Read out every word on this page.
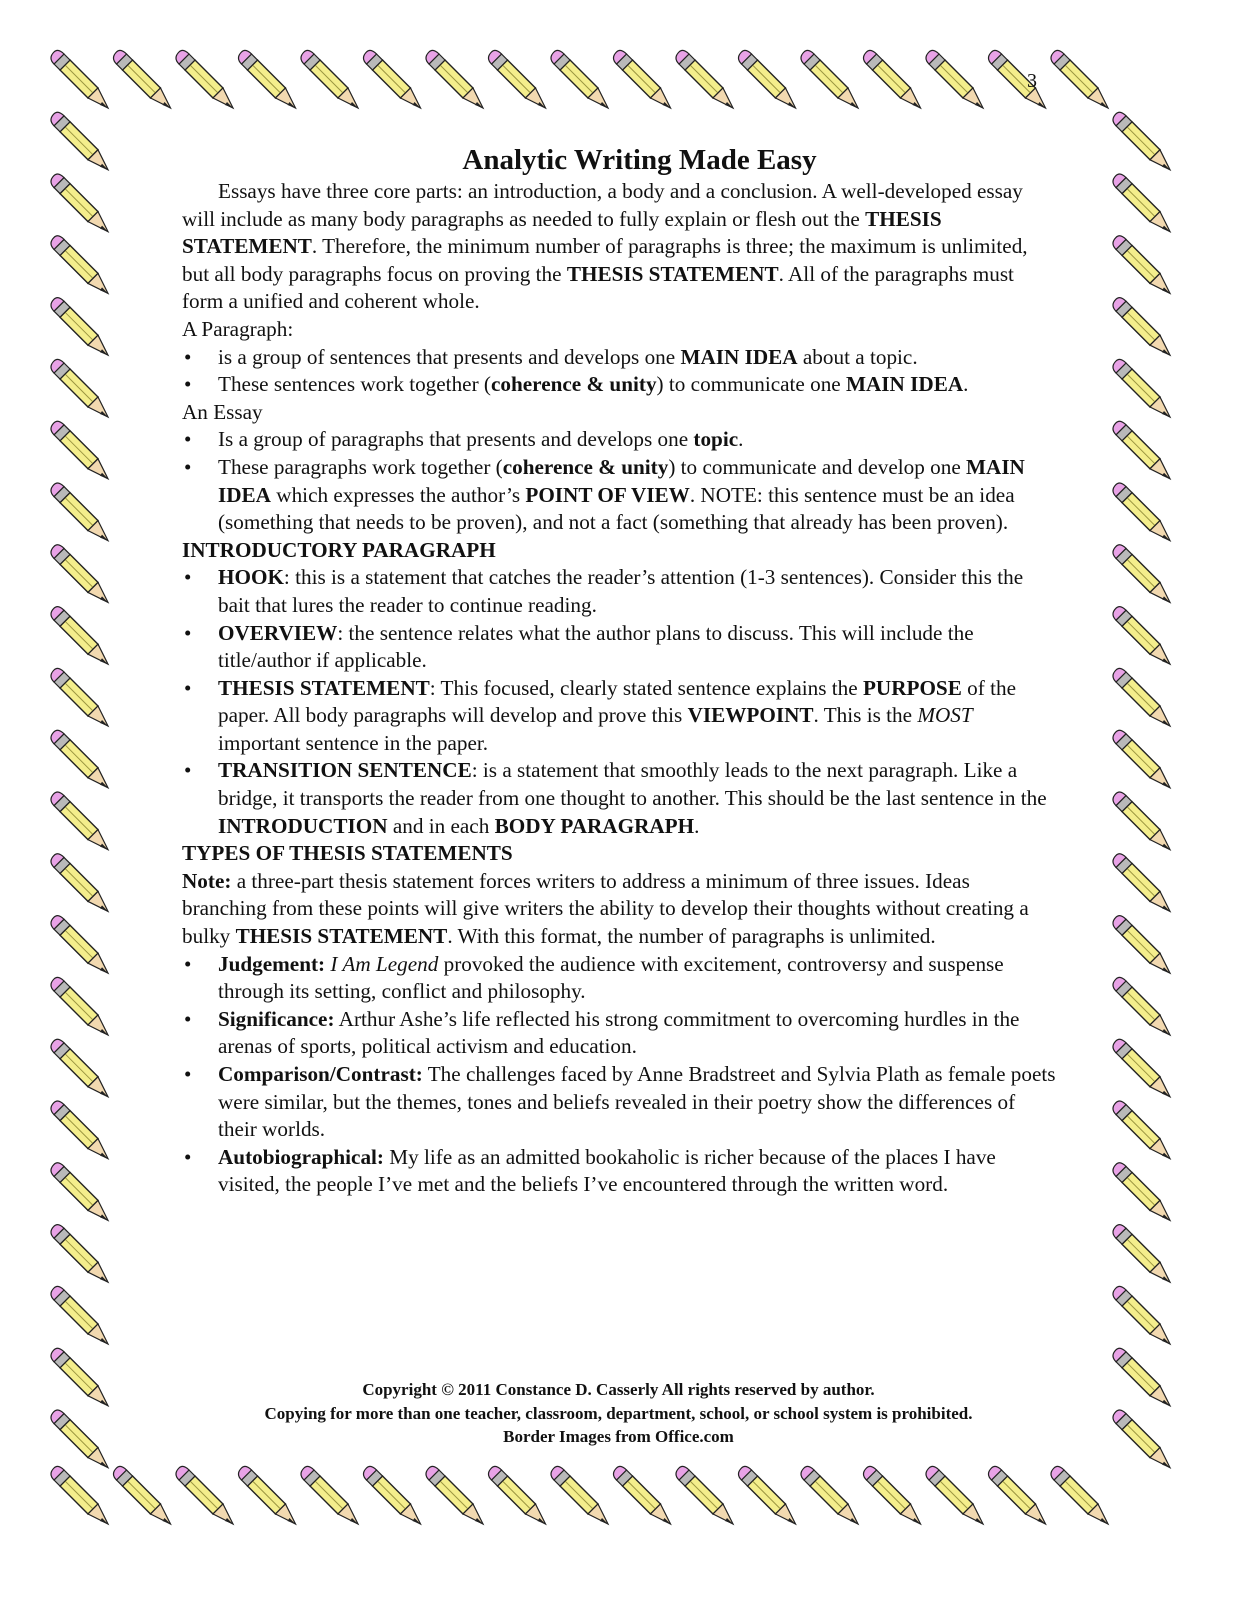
3
Analytic Writing Made Easy

Essays have three core parts: an introduction, a body and a conclusion. A well-developed essay will include as many body paragraphs as needed to fully explain or flesh out the THESIS STATEMENT. Therefore, the minimum number of paragraphs is three; the maximum is unlimited, but all body paragraphs focus on proving the THESIS STATEMENT. All of the paragraphs must form a unified and coherent whole.

A Paragraph:

• is a group of sentences that presents and develops one MAIN IDEA about a topic.
• These sentences work together (coherence & unity) to communicate one MAIN IDEA.

An Essay

• Is a group of paragraphs that presents and develops one topic.
• These paragraphs work together (coherence & unity) to communicate and develop one MAIN IDEA which expresses the author’s POINT OF VIEW. NOTE: this sentence must be an idea (something that needs to be proven), and not a fact (something that already has been proven).

INTRODUCTORY PARAGRAPH

• HOOK: this is a statement that catches the reader’s attention (1-3 sentences). Consider this the bait that lures the reader to continue reading.
• OVERVIEW: the sentence relates what the author plans to discuss. This will include the title/author if applicable.
• THESIS STATEMENT: This focused, clearly stated sentence explains the PURPOSE of the paper. All body paragraphs will develop and prove this VIEWPOINT. This is the MOST important sentence in the paper.
• TRANSITION SENTENCE: is a statement that smoothly leads to the next paragraph. Like a bridge, it transports the reader from one thought to another. This should be the last sentence in the INTRODUCTION and in each BODY PARAGRAPH.

TYPES OF THESIS STATEMENTS

Note: a three-part thesis statement forces writers to address a minimum of three issues. Ideas branching from these points will give writers the ability to develop their thoughts without creating a bulky THESIS STATEMENT. With this format, the number of paragraphs is unlimited.

• Judgement: I Am Legend provoked the audience with excitement, controversy and suspense through its setting, conflict and philosophy.
• Significance: Arthur Ashe’s life reflected his strong commitment to overcoming hurdles in the arenas of sports, political activism and education.
• Comparison/Contrast: The challenges faced by Anne Bradstreet and Sylvia Plath as female poets were similar, but the themes, tones and beliefs revealed in their poetry show the differences of their worlds.
• Autobiographical: My life as an admitted bookaholic is richer because of the places I have visited, the people I’ve met and the beliefs I’ve encountered through the written word.
Copyright © 2011 Constance D. Casserly All rights reserved by author.
Copying for more than one teacher, classroom, department, school, or school system is prohibited.
Border Images from Office.com
